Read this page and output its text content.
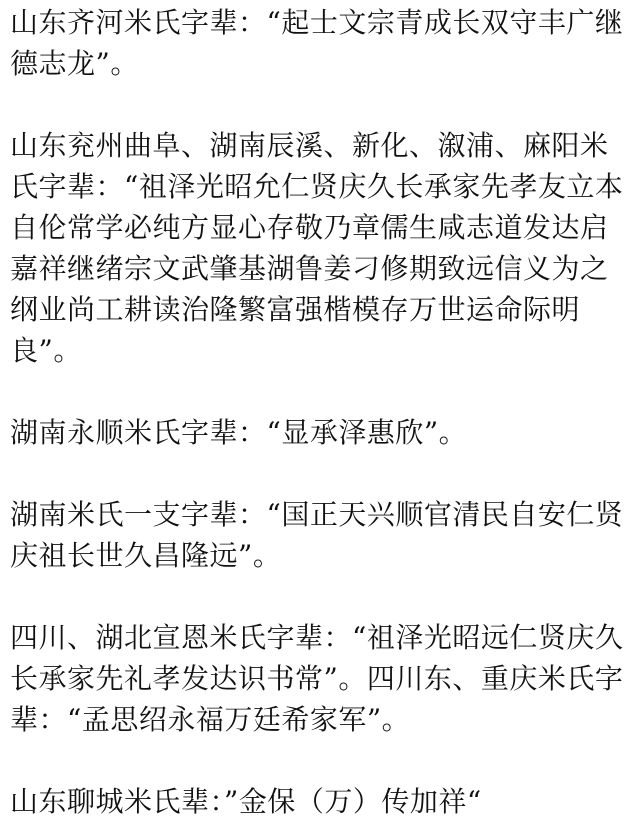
山东齐河米氏字辈：“起士文宗青成长双守丰广继德志龙”。

山东兖州曲阜、湖南辰溪、新化、溆浦、麻阳米氏字辈：“祖泽光昭允仁贤庆久长承家先孝友立本自伦常学必纯方显心存敬乃章儒生咸志道发达启嘉祥继绪宗文武肇基湖鲁姜刁修期致远信义为之纲业尚工耕读治隆繁富强楷模存万世运命际明良”。

湖南永顺米氏字辈：“显承泽惠欣”。

湖南米氏一支字辈：“国正天兴顺官清民自安仁贤庆祖长世久昌隆远”。

四川、湖北宣恩米氏字辈：“祖泽光昭远仁贤庆久长承家先礼孝发达识书常”。四川东、重庆米氏字辈：“孟思绍永福万廷希家军”。

山东聊城米氏辈：”金保（万）传加祥“
